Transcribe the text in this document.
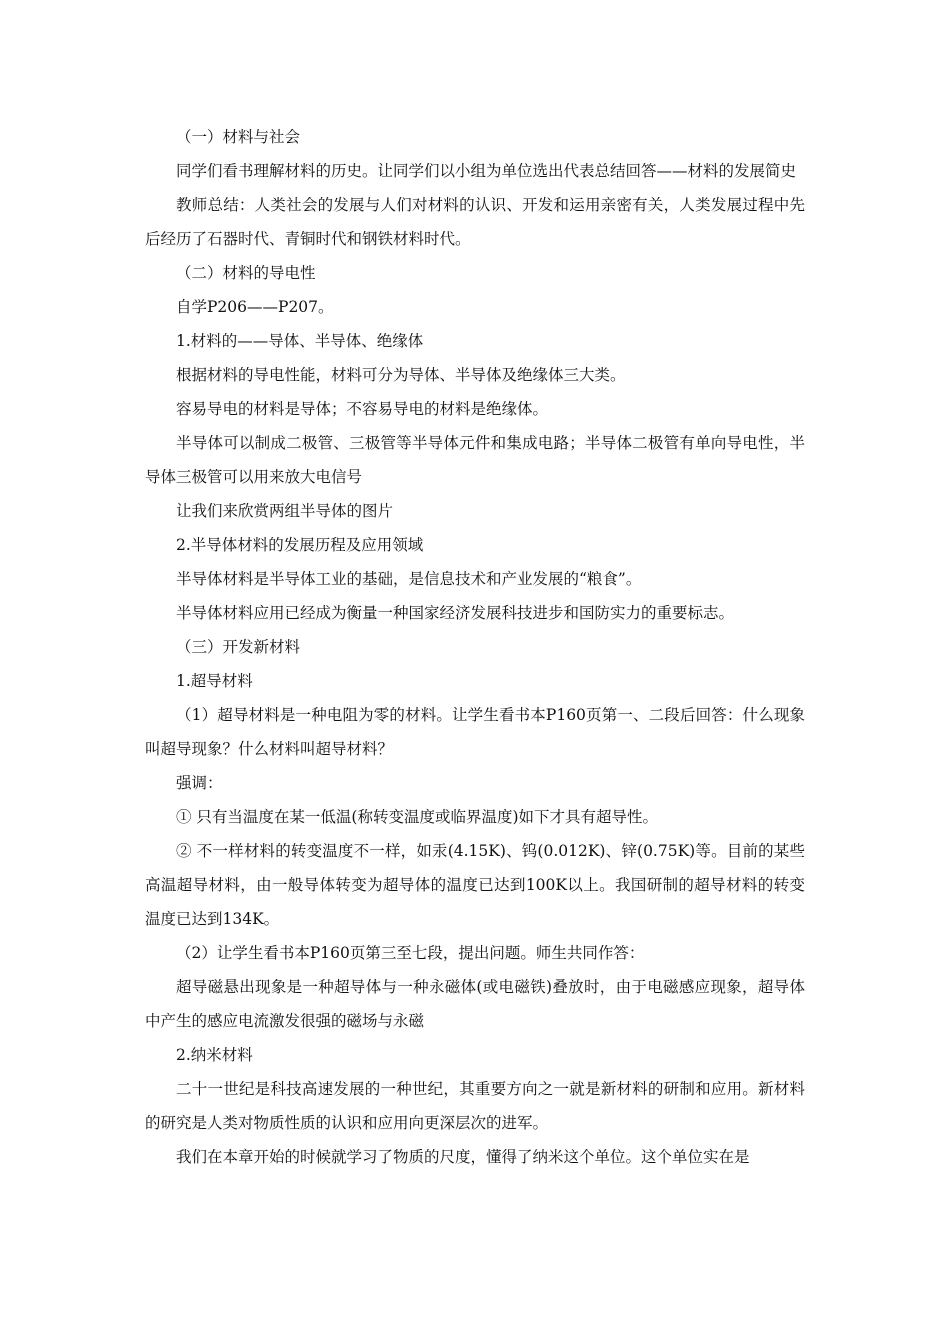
（一）材料与社会

同学们看书理解材料的历史。让同学们以小组为单位选出代表总结回答——材料的发展简史

教师总结：人类社会的发展与人们对材料的认识、开发和运用亲密有关，人类发展过程中先后经历了石器时代、青铜时代和钢铁材料时代。

（二）材料的导电性

自学P206——P207。

1.材料的——导体、半导体、绝缘体

根据材料的导电性能，材料可分为导体、半导体及绝缘体三大类。

容易导电的材料是导体；不容易导电的材料是绝缘体。

半导体可以制成二极管、三极管等半导体元件和集成电路；半导体二极管有单向导电性，半导体三极管可以用来放大电信号

让我们来欣赏两组半导体的图片

2.半导体材料的发展历程及应用领域

半导体材料是半导体工业的基础，是信息技术和产业发展的“粮食”。

半导体材料应用已经成为衡量一种国家经济发展科技进步和国防实力的重要标志。

（三）开发新材料

1.超导材料

（1）超导材料是一种电阻为零的材料。让学生看书本P160页第一、二段后回答：什么现象叫超导现象？什么材料叫超导材料？

强调：

① 只有当温度在某一低温(称转变温度或临界温度)如下才具有超导性。

② 不一样材料的转变温度不一样，如汞(4.15K)、钨(0.012K)、锌(0.75K)等。目前的某些高温超导材料，由一般导体转变为超导体的温度已达到100K以上。我国研制的超导材料的转变温度已达到134K。

（2）让学生看书本P160页第三至七段，提出问题。师生共同作答：

超导磁悬出现象是一种超导体与一种永磁体(或电磁铁)叠放时，由于电磁感应现象，超导体中产生的感应电流激发很强的磁场与永磁

2.纳米材料

二十一世纪是科技高速发展的一种世纪，其重要方向之一就是新材料的研制和应用。新材料的研究是人类对物质性质的认识和应用向更深层次的进军。

我们在本章开始的时候就学习了物质的尺度，懂得了纳米这个单位。这个单位实在是
